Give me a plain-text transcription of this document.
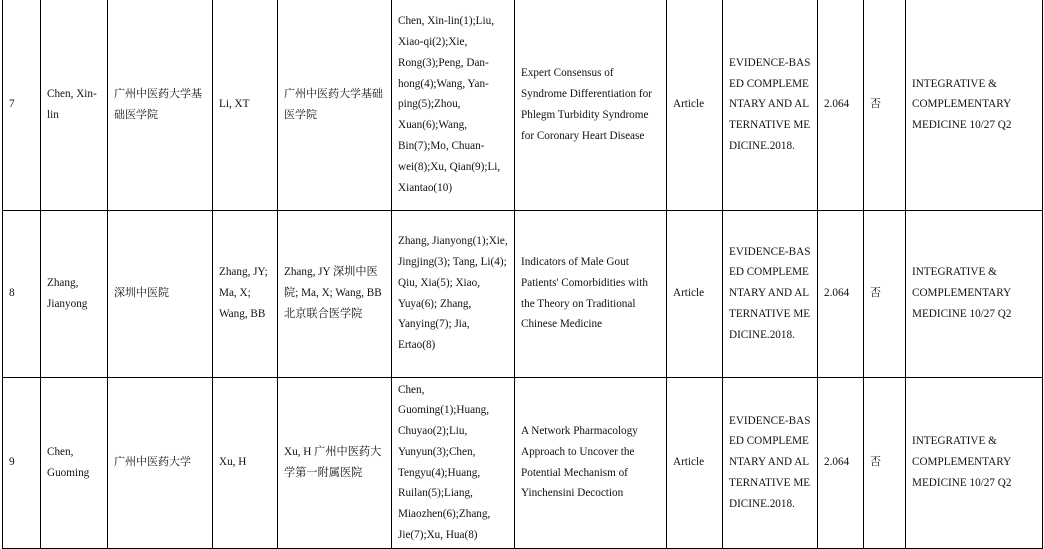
7	Chen, Xin-lin	广州中医药大学基础医学院	Li, XT	广州中医药大学基础医学院	Chen, Xin-lin(1);Liu, Xiao-qi(2);Xie, Rong(3);Peng, Dan-hong(4);Wang, Yan-ping(5);Zhou, Xuan(6);Wang, Bin(7);Mo, Chuan-wei(8);Xu, Qian(9);Li, Xiantao(10)	Expert Consensus of Syndrome Differentiation for Phlegm Turbidity Syndrome for Coronary Heart Disease	Article	EVIDENCE-BASED COMPLEMENTARY AND ALTERNATIVE MEDICINE.2018.	2.064	否	INTEGRATIVE & COMPLEMENTARY MEDICINE 10/27 Q2
8	Zhang, Jianyong	深圳中医院	Zhang, JY; Ma, X; Wang, BB	Zhang, JY 深圳中医院; Ma, X; Wang, BB 北京联合医学院	Zhang, Jianyong(1);Xie, Jingjing(3); Tang, Li(4); Qiu, Xia(5); Xiao, Yuya(6); Zhang, Yanying(7); Jia, Ertao(8)	Indicators of Male Gout Patients' Comorbidities with the Theory on Traditional Chinese Medicine	Article	EVIDENCE-BASED COMPLEMENTARY AND ALTERNATIVE MEDICINE.2018.	2.064	否	INTEGRATIVE & COMPLEMENTARY MEDICINE 10/27 Q2
9	Chen, Guoming	广州中医药大学	Xu, H	Xu, H 广州中医药大学第一附属医院	Chen, Guoming(1);Huang, Chuyao(2);Liu, Yunyun(3);Chen, Tengyu(4);Huang, Ruilan(5);Liang, Miaozhen(6);Zhang, Jie(7);Xu, Hua(8)	A Network Pharmacology Approach to Uncover the Potential Mechanism of Yinchensini Decoction	Article	EVIDENCE-BASED COMPLEMENTARY AND ALTERNATIVE MEDICINE.2018.	2.064	否	INTEGRATIVE & COMPLEMENTARY MEDICINE 10/27 Q2
